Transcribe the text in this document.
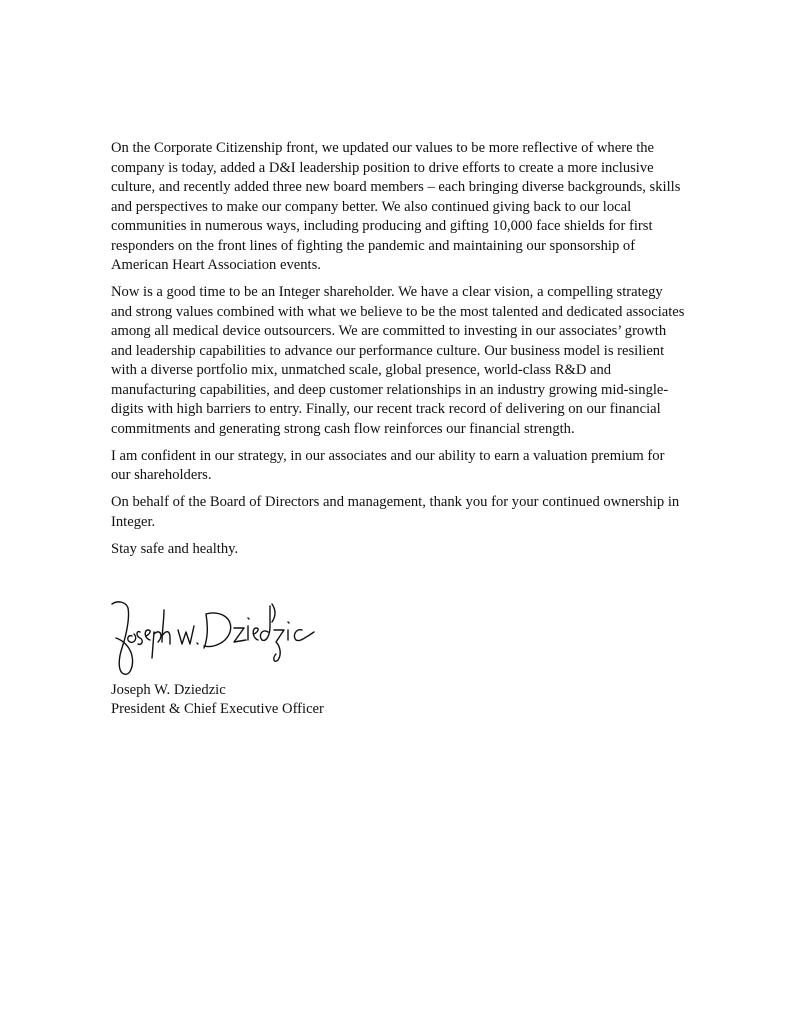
On the Corporate Citizenship front, we updated our values to be more reflective of where the company is today, added a D&I leadership position to drive efforts to create a more inclusive culture, and recently added three new board members – each bringing diverse backgrounds, skills and perspectives to make our company better. We also continued giving back to our local communities in numerous ways, including producing and gifting 10,000 face shields for first responders on the front lines of fighting the pandemic and maintaining our sponsorship of American Heart Association events.

Now is a good time to be an Integer shareholder. We have a clear vision, a compelling strategy and strong values combined with what we believe to be the most talented and dedicated associates among all medical device outsourcers. We are committed to investing in our associates’ growth and leadership capabilities to advance our performance culture. Our business model is resilient with a diverse portfolio mix, unmatched scale, global presence, world-class R&D and manufacturing capabilities, and deep customer relationships in an industry growing mid-single-digits with high barriers to entry. Finally, our recent track record of delivering on our financial commitments and generating strong cash flow reinforces our financial strength.

I am confident in our strategy, in our associates and our ability to earn a valuation premium for our shareholders.

On behalf of the Board of Directors and management, thank you for your continued ownership in Integer.

Stay safe and healthy.

Joseph W. Dziedzic
President & Chief Executive Officer
